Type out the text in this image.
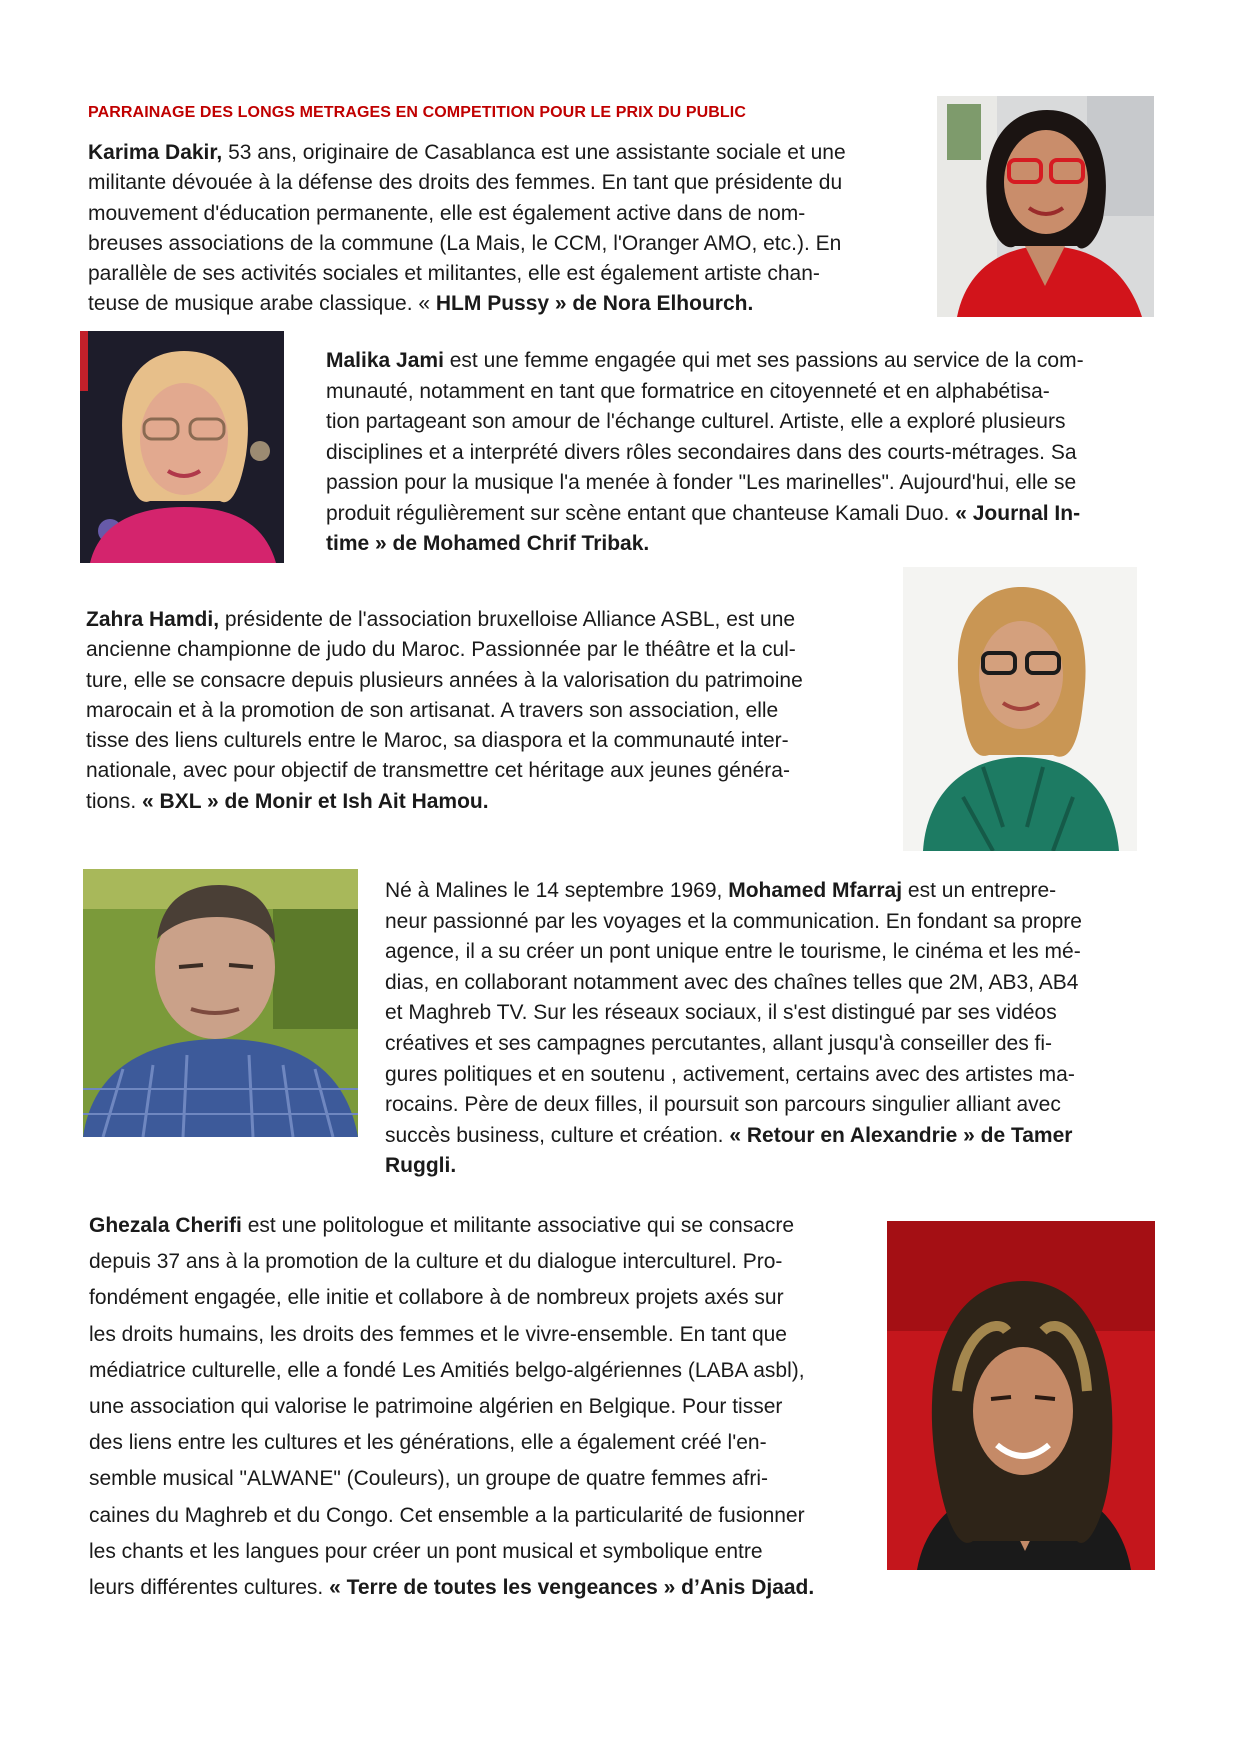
PARRAINAGE DES LONGS METRAGES EN COMPETITION POUR LE PRIX DU PUBLIC
Karima Dakir, 53 ans, originaire de Casablanca est une assistante sociale et une
militante dévouée à la défense des droits des femmes. En tant que présidente du
mouvement d'éducation permanente, elle est également active dans de nom-
breuses associations de la commune (La Mais, le CCM, l'Oranger AMO, etc.). En
parallèle de ses activités sociales et militantes, elle est également artiste chan-
teuse de musique arabe classique. « HLM Pussy » de Nora Elhourch.
Malika Jami est une femme engagée qui met ses passions au service de la com-
munauté, notamment en tant que formatrice en citoyenneté et en alphabétisa-
tion partageant son amour de l'échange culturel. Artiste, elle a exploré plusieurs
disciplines et a interprété divers rôles secondaires dans des courts-métrages. Sa
passion pour la musique l'a menée à fonder "Les marinelles". Aujourd'hui, elle se
produit régulièrement sur scène entant que chanteuse Kamali Duo. « Journal In-
time » de Mohamed Chrif Tribak.
Zahra Hamdi, présidente de l'association bruxelloise Alliance ASBL, est une
ancienne championne de judo du Maroc. Passionnée par le théâtre et la cul-
ture, elle se consacre depuis plusieurs années à la valorisation du patrimoine
marocain et à la promotion de son artisanat. A travers son association, elle
tisse des liens culturels entre le Maroc, sa diaspora et la communauté inter-
nationale, avec pour objectif de transmettre cet héritage aux jeunes généra-
tions. « BXL » de Monir et Ish Ait Hamou.
Né à Malines le 14 septembre 1969, Mohamed Mfarraj est un entrepre-
neur passionné par les voyages et la communication. En fondant sa propre
agence, il a su créer un pont unique entre le tourisme, le cinéma et les mé-
dias, en collaborant notamment avec des chaînes telles que 2M, AB3, AB4
et Maghreb TV. Sur les réseaux sociaux, il s'est distingué par ses vidéos
créatives et ses campagnes percutantes, allant jusqu'à conseiller des fi-
gures politiques et en soutenu , activement, certains avec des artistes ma-
rocains. Père de deux filles, il poursuit son parcours singulier alliant avec
succès business, culture et création. « Retour en Alexandrie » de Tamer
Ruggli.
Ghezala Cherifi est une politologue et militante associative qui se consacre
depuis 37 ans à la promotion de la culture et du dialogue interculturel. Pro-
fondément engagée, elle initie et collabore à de nombreux projets axés sur
les droits humains, les droits des femmes et le vivre-ensemble. En tant que
médiatrice culturelle, elle a fondé Les Amitiés belgo-algériennes (LABA asbl),
une association qui valorise le patrimoine algérien en Belgique. Pour tisser
des liens entre les cultures et les générations, elle a également créé l'en-
semble musical "ALWANE" (Couleurs), un groupe de quatre femmes afri-
caines du Maghreb et du Congo. Cet ensemble a la particularité de fusionner
les chants et les langues pour créer un pont musical et symbolique entre
leurs différentes cultures. « Terre de toutes les vengeances » d’Anis Djaad.
